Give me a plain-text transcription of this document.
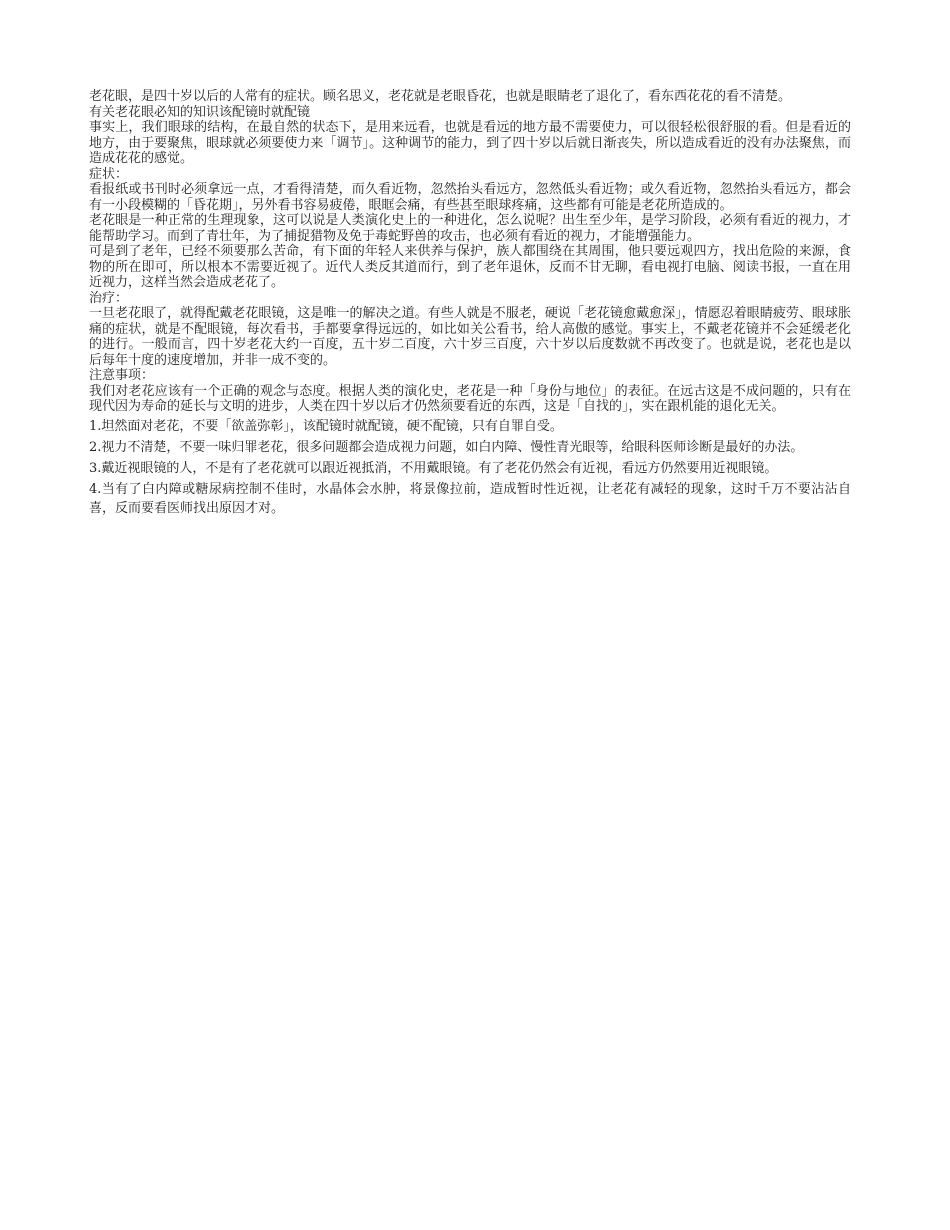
老花眼，是四十岁以后的人常有的症状。顾名思义，老花就是老眼昏花，也就是眼睛老了退化了，看东西花花的看不清楚。

有关老花眼必知的知识该配镜时就配镜

事实上，我们眼球的结构，在最自然的状态下，是用来远看，也就是看远的地方最不需要使力，可以很轻松很舒服的看。但是看近的地方，由于要聚焦，眼球就必须要使力来「调节」。这种调节的能力，到了四十岁以后就日渐丧失，所以造成看近的没有办法聚焦，而造成花花的感觉。

症状：

看报纸或书刊时必须拿远一点，才看得清楚，而久看近物，忽然抬头看远方，忽然低头看近物；或久看近物，忽然抬头看远方，都会有一小段模糊的「昏花期」，另外看书容易疲倦，眼眶会痛，有些甚至眼球疼痛，这些都有可能是老花所造成的。

老花眼是一种正常的生理现象，这可以说是人类演化史上的一种进化，怎么说呢？出生至少年，是学习阶段，必须有看近的视力，才能帮助学习。而到了青壮年，为了捕捉猎物及免于毒蛇野兽的攻击，也必须有看近的视力，才能增强能力。

可是到了老年，已经不须要那么苦命，有下面的年轻人来供养与保护，族人都围绕在其周围，他只要远观四方，找出危险的来源，食物的所在即可，所以根本不需要近视了。近代人类反其道而行，到了老年退休，反而不甘无聊，看电视打电脑、阅读书报，一直在用近视力，这样当然会造成老花了。

治疗：

一旦老花眼了，就得配戴老花眼镜，这是唯一的解决之道。有些人就是不服老，硬说「老花镜愈戴愈深」，情愿忍着眼睛疲劳、眼球胀痛的症状，就是不配眼镜，每次看书，手都要拿得远远的，如比如关公看书，给人高傲的感觉。事实上，不戴老花镜并不会延缓老化的进行。一般而言，四十岁老花大约一百度，五十岁二百度，六十岁三百度，六十岁以后度数就不再改变了。也就是说，老花也是以后每年十度的速度增加，并非一成不变的。

注意事项：

我们对老花应该有一个正确的观念与态度。根据人类的演化史，老花是一种「身份与地位」的表征。在远古这是不成问题的，只有在现代因为寿命的延长与文明的进步，人类在四十岁以后才仍然须要看近的东西，这是「自找的」，实在跟机能的退化无关。

1.坦然面对老花，不要「欲盖弥彰」，该配镜时就配镜，硬不配镜，只有自罪自受。

2.视力不清楚，不要一味归罪老花，很多问题都会造成视力问题，如白内障、慢性青光眼等，给眼科医师诊断是最好的办法。

3.戴近视眼镜的人，不是有了老花就可以跟近视抵消，不用戴眼镜。有了老花仍然会有近视，看远方仍然要用近视眼镜。

4.当有了白内障或糖尿病控制不佳时，水晶体会水肿，将景像拉前，造成暂时性近视，让老花有减轻的现象，这时千万不要沾沾自喜，反而要看医师找出原因才对。
